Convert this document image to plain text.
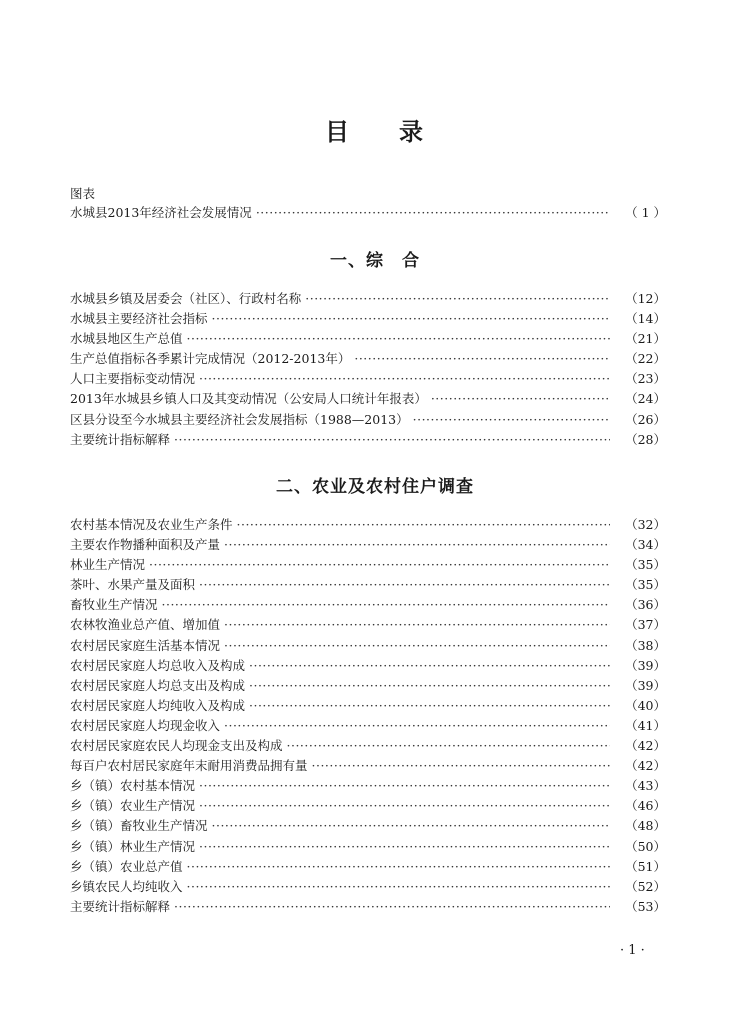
目 录
图表
水城县2013年经济社会发展情况 ·····	（ 1 ）
一、综　合
水城县乡镇及居委会（社区）、行政村名称 ·····	（12）
水城县主要经济社会指标 ·····	（14）
水城县地区生产总值 ·····	（21）
生产总值指标各季累计完成情况（2012-2013年） ·····	（22）
人口主要指标变动情况 ·····	（23）
2013年水城县乡镇人口及其变动情况（公安局人口统计年报表） ·····	（24）
区县分设至今水城县主要经济社会发展指标（1988—2013） ·····	（26）
主要统计指标解释 ·····	（28）
二、农业及农村住户调查
农村基本情况及农业生产条件 ·····	（32）
主要农作物播种面积及产量 ·····	（34）
林业生产情况 ·····	（35）
茶叶、水果产量及面积 ·····	（35）
畜牧业生产情况 ·····	（36）
农林牧渔业总产值、增加值 ·····	（37）
农村居民家庭生活基本情况 ·····	（38）
农村居民家庭人均总收入及构成 ·····	（39）
农村居民家庭人均总支出及构成 ·····	（39）
农村居民家庭人均纯收入及构成 ·····	（40）
农村居民家庭人均现金收入 ·····	（41）
农村居民家庭农民人均现金支出及构成 ·····	（42）
每百户农村居民家庭年末耐用消费品拥有量 ·····	（42）
乡（镇）农村基本情况 ·····	（43）
乡（镇）农业生产情况 ·····	（46）
乡（镇）畜牧业生产情况 ·····	（48）
乡（镇）林业生产情况 ·····	（50）
乡（镇）农业总产值 ·····	（51）
乡镇农民人均纯收入 ·····	（52）
主要统计指标解释 ·····	（53）
· 1 ·
